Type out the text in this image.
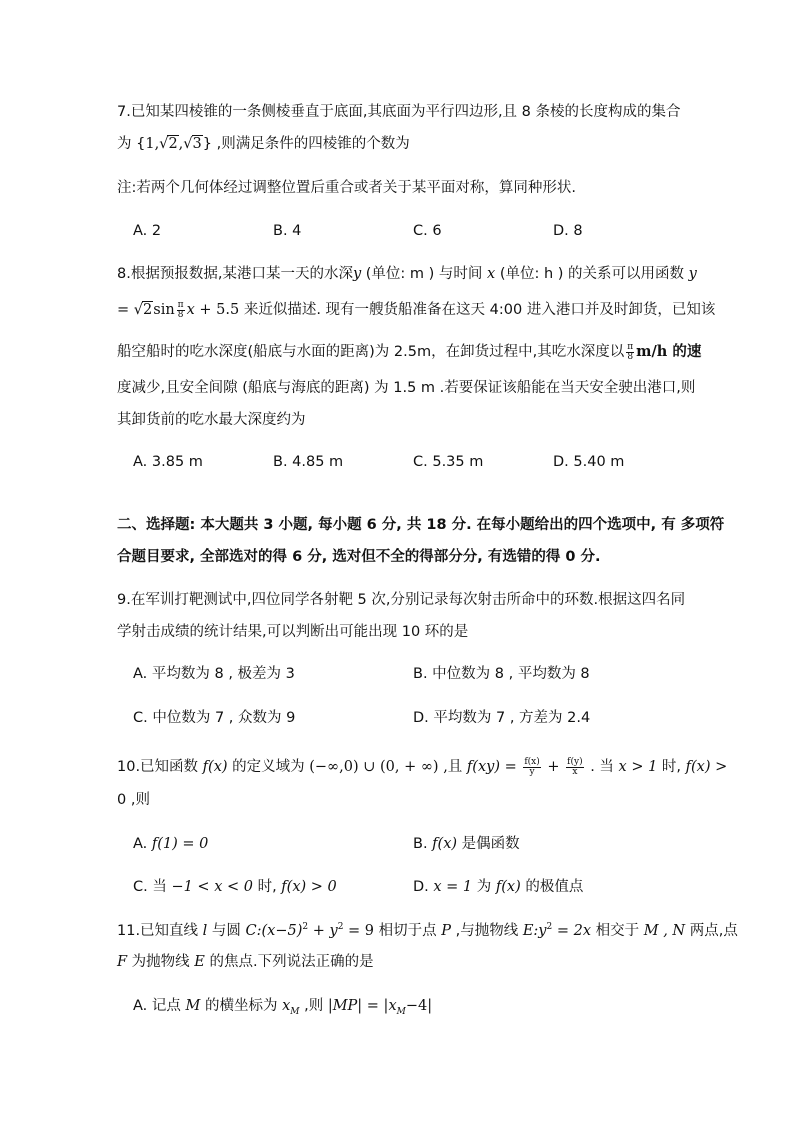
7.已知某四棱锥的一条侧棱垂直于底面,其底面为平行四边形,且 8 条棱的长度构成的集合
为 {1,√2,√3} ,则满足条件的四棱锥的个数为
注:若两个几何体经过调整位置后重合或者关于某平面对称，算同种形状.
A. 2	B. 4	C. 6	D. 8
8.根据预报数据,某港口某一天的水深y (单位: m ) 与时间 x (单位: h ) 的关系可以用函数 y
= $√2\sin \frac{\pi}{8}$ x + 5.5 来近似描述. 现有一艘货船准备在这天 4:00 进入港口并及时卸货，已知该
船空船时的吃水深度(船底与水面的距离)为 2.5m，在卸货过程中,其吃水深度以 $\frac{\pi}{8} m/h$ 的速
度减少,且安全间隙 (船底与海底的距离) 为 1.5 m .若要保证该船能在当天安全驶出港口,则
其卸货前的吃水最大深度约为
A. 3.85 m	B. 4.85 m	C. 5.35 m	D. 5.40 m
二、选择题: 本大题共 3 小题, 每小题 6 分, 共 18 分. 在每小题给出的四个选项中, 有 多项符
合题目要求, 全部选对的得 6 分, 选对但不全的得部分分, 有选错的得 0 分.
9.在军训打靶测试中,四位同学各射靶 5 次,分别记录每次射击所命中的环数.根据这四名同
学射击成绩的统计结果,可以判断出可能出现 10 环的是
A. 平均数为 8 , 极差为 3	B. 中位数为 8 , 平均数为 8
C. 中位数为 7 , 众数为 9	D. 平均数为 7 , 方差为 2.4
10.已知函数 f(x) 的定义域为 (−∞,0) ∪ (0, + ∞) ,且 $f(xy) = \frac{f(x)}{y} + \frac{f(y)}{x}$ . 当 x > 1 时, f(x) >
0 ,则
A. f(1) = 0	B. f(x) 是偶函数
C. 当 −1 < x < 0 时, f(x) > 0	D. x = 1 为 f(x) 的极值点
11.已知直线 l 与圆 $C:(x-5)^2 + y^2 = 9$ 相切于点 P ,与抛物线 $E:y^2 = 2x$ 相交于 M , N 两点,点
F 为抛物线 E 的焦点.下列说法正确的是
A. 记点 M 的横坐标为 $x_M$ ,则 $|MP| = |x_M-4|$
